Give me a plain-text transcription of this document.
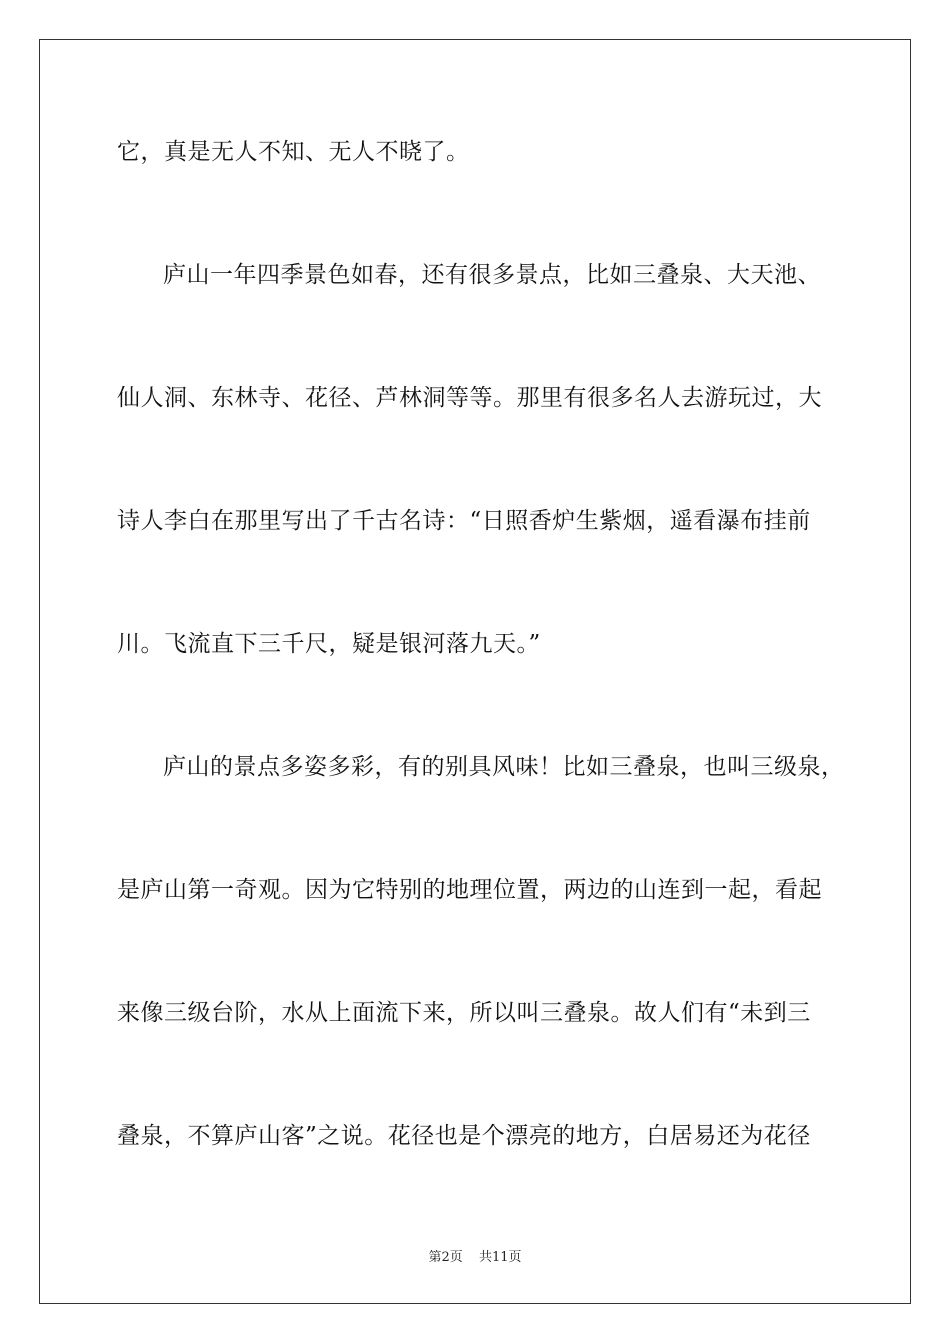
它，真是无人不知、无人不晓了。
庐山一年四季景色如春，还有很多景点，比如三叠泉、大天池、
仙人洞、东林寺、花径、芦林洞等等。那里有很多名人去游玩过，大
诗人李白在那里写出了千古名诗：“日照香炉生紫烟，遥看瀑布挂前
川。飞流直下三千尺，疑是银河落九天。”
庐山的景点多姿多彩，有的别具风味！比如三叠泉，也叫三级泉，
是庐山第一奇观。因为它特别的地理位置，两边的山连到一起，看起
来像三级台阶，水从上面流下来，所以叫三叠泉。故人们有“未到三
叠泉，不算庐山客”之说。花径也是个漂亮的地方，白居易还为花径
第2页 共11页
